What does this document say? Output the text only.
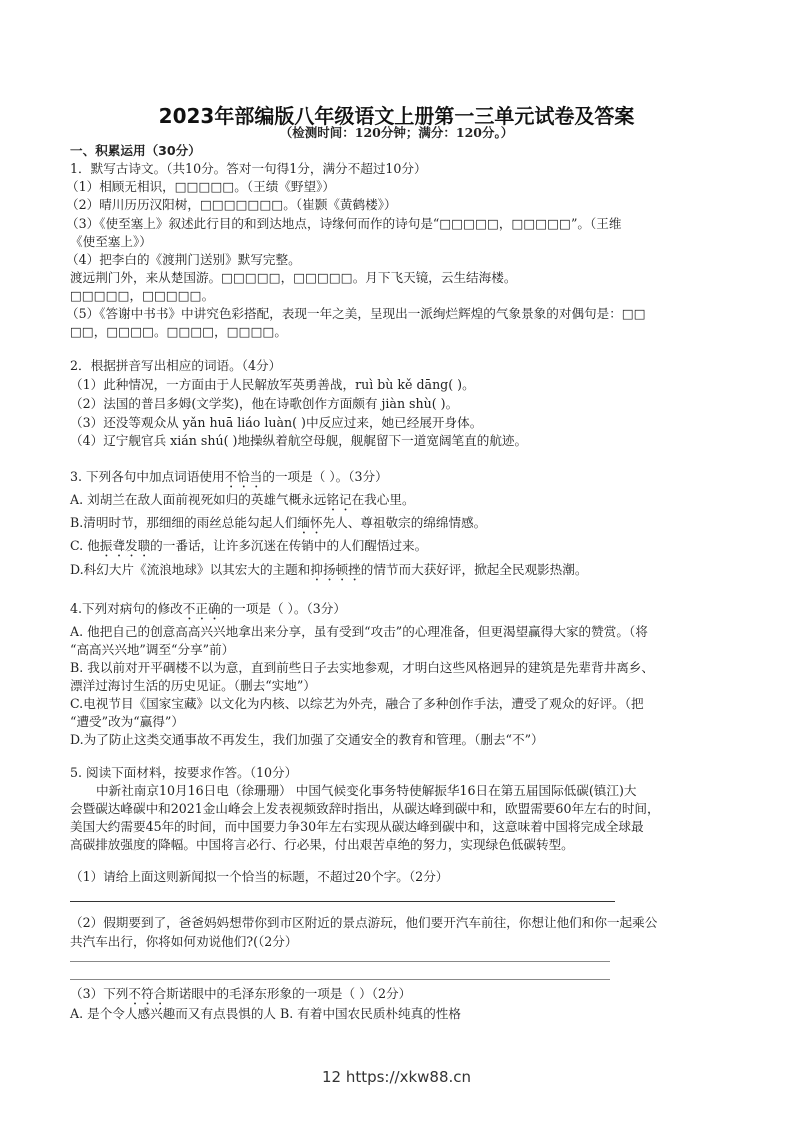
2023年部编版八年级语文上册第一三单元试卷及答案
（检测时间：120分钟；满分：120分。）
一、积累运用（30分）
1．默写古诗文。（共10分。答对一句得1分，满分不超过10分）
（1）相顾无相识，□□□□□。（王绩《野望》）
（2）晴川历历汉阳树，□□□□□□□。（崔颢《黄鹤楼》）
（3）《使至塞上》叙述此行目的和到达地点，诗缘何而作的诗句是“□□□□□，□□□□□”。（王维
《使至塞上》）
（4）把李白的《渡荆门送别》默写完整。
渡远荆门外，来从楚国游。□□□□□，□□□□□。月下飞天镜，云生结海楼。
□□□□□，□□□□□。
（5）《答谢中书书》中讲究色彩搭配，表现一年之美，呈现出一派绚烂辉煌的气象景象的对偶句是：□□
□□，□□□□。□□□□，□□□□。
2．根据拼音写出相应的词语。（4分）
（1）此种情况，一方面由于人民解放军英勇善战，ruì bù kě dāng( )。
（2）法国的普吕多姆(文学奖)，他在诗歌创作方面颇有 jiàn shù( )。
（3）还没等观众从 yǎn huā liáo luàn( )中反应过来，她已经展开身体。
（4）辽宁舰官兵 xián shú( )地操纵着航空母舰，舰艉留下一道宽阔笔直的航迹。
3. 下列各句中加点词语使用不恰当的一项是（ ）。（3分）
A. 刘胡兰在敌人面前视死如归的英雄气概永远铭记在我心里。
B.清明时节，那细细的雨丝总能勾起人们缅怀先人、尊祖敬宗的绵绵情感。
C. 他振聋发聩的一番话，让许多沉迷在传销中的人们醒悟过来。
D.科幻大片《流浪地球》以其宏大的主题和抑扬顿挫的情节而大获好评，掀起全民观影热潮。
4.下列对病句的修改不正确的一项是（ ）。（3分）
A. 他把自己的创意高高兴兴地拿出来分享，虽有受到“攻击”的心理准备，但更渴望赢得大家的赞赏。（将
“高高兴兴地”调至“分享”前）
B. 我以前对开平碉楼不以为意，直到前些日子去实地参观，才明白这些风格迥异的建筑是先辈背井离乡、
漂洋过海讨生活的历史见证。（删去“实地”）
C.电视节目《国家宝藏》以文化为内核、以综艺为外壳，融合了多种创作手法，遭受了观众的好评。（把
“遭受”改为“赢得”）
D.为了防止这类交通事故不再发生，我们加强了交通安全的教育和管理。（删去“不”）
5. 阅读下面材料，按要求作答。（10分）
中新社南京10月16日电（徐珊珊） 中国气候变化事务特使解振华16日在第五届国际低碳(镇江)大
会暨碳达峰碳中和2021金山峰会上发表视频致辞时指出，从碳达峰到碳中和，欧盟需要60年左右的时间，
美国大约需要45年的时间，而中国要力争30年左右实现从碳达峰到碳中和，这意味着中国将完成全球最
高碳排放强度的降幅。中国将言必行、行必果，付出艰苦卓绝的努力，实现绿色低碳转型。
（1）请给上面这则新闻拟一个恰当的标题，不超过20个字。（2分）
（2）假期要到了，爸爸妈妈想带你到市区附近的景点游玩，他们要开汽车前往，你想让他们和你一起乘公
共汽车出行，你将如何劝说他们?(（2分）
（3）下列不符合斯诺眼中的毛泽东形象的一项是（ ）（2分）
A. 是个令人感兴趣而又有点畏惧的人 B. 有着中国农民质朴纯真的性格
12 https://xkw88.cn
